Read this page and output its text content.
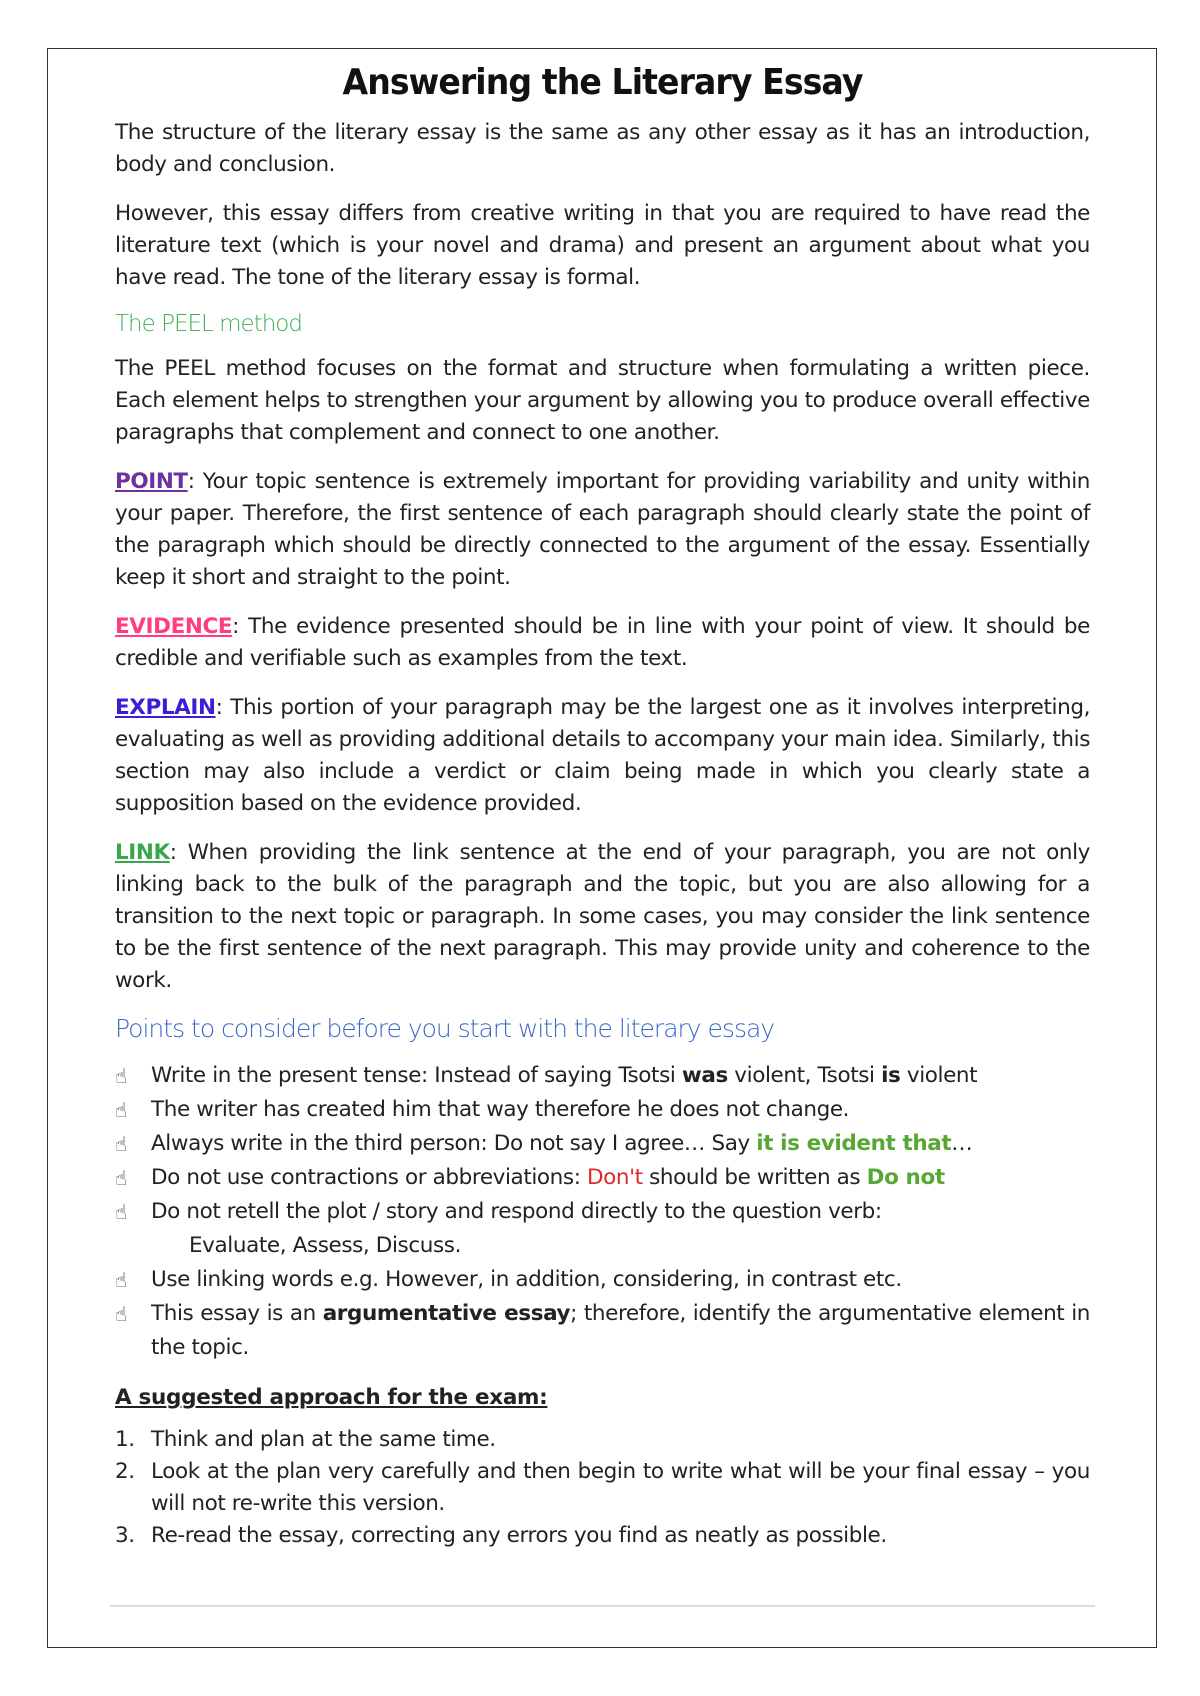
Answering the Literary Essay

The structure of the literary essay is the same as any other essay as it has an introduction, body and conclusion.

However, this essay differs from creative writing in that you are required to have read the literature text (which is your novel and drama) and present an argument about what you have read. The tone of the literary essay is formal.

The PEEL method

The PEEL method focuses on the format and structure when formulating a written piece. Each element helps to strengthen your argument by allowing you to produce overall effective paragraphs that complement and connect to one another.

POINT: Your topic sentence is extremely important for providing variability and unity within your paper. Therefore, the first sentence of each paragraph should clearly state the point of the paragraph which should be directly connected to the argument of the essay. Essentially keep it short and straight to the point.

EVIDENCE: The evidence presented should be in line with your point of view. It should be credible and verifiable such as examples from the text.

EXPLAIN: This portion of your paragraph may be the largest one as it involves interpreting, evaluating as well as providing additional details to accompany your main idea. Similarly, this section may also include a verdict or claim being made in which you clearly state a supposition based on the evidence provided.

LINK: When providing the link sentence at the end of your paragraph, you are not only linking back to the bulk of the paragraph and the topic, but you are also allowing for a transition to the next topic or paragraph. In some cases, you may consider the link sentence to be the first sentence of the next paragraph. This may provide unity and coherence to the work.

Points to consider before you start with the literary essay
☝ Write in the present tense: Instead of saying Tsotsi was violent, Tsotsi is violent
☝ The writer has created him that way therefore he does not change.
☝ Always write in the third person: Do not say I agree… Say it is evident that…
☝ Do not use contractions or abbreviations: Don't should be written as Do not
☝ Do not retell the plot / story and respond directly to the question verb:
Evaluate, Assess, Discuss.
☝ Use linking words e.g. However, in addition, considering, in contrast etc.
☝ This essay is an argumentative essay; therefore, identify the argumentative element in the topic.
A suggested approach for the exam:
1. Think and plan at the same time.
2. Look at the plan very carefully and then begin to write what will be your final essay – you will not re-write this version.
3. Re-read the essay, correcting any errors you find as neatly as possible.
